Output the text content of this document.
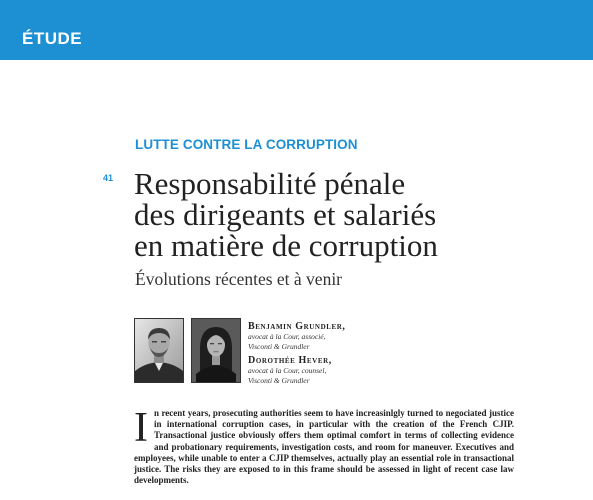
ÉTUDE
LUTTE CONTRE LA CORRUPTION
41 Responsabilité pénale
des dirigeants et salariés
en matière de corruption
Évolutions récentes et à venir
Benjamin Grundler,
avocat à la Cour, associé,
Visconti & Grundler
Dorothée Hever,
avocat à la Cour, counsel,
Visconti & Grundler
In recent years, prosecuting authorities seem to have increasinlgly turned to negociated justice in international corruption cases, in particular with the creation of the French CJIP. Transactional justice obviously offers them optimal comfort in terms of collecting evidence and probationary requirements, investigation costs, and room for maneuver. Executives and employees, while unable to enter a CJIP themselves, actually play an essential role in transactional justice. The risks they are exposed to in this frame should be assessed in light of recent case law developments.
